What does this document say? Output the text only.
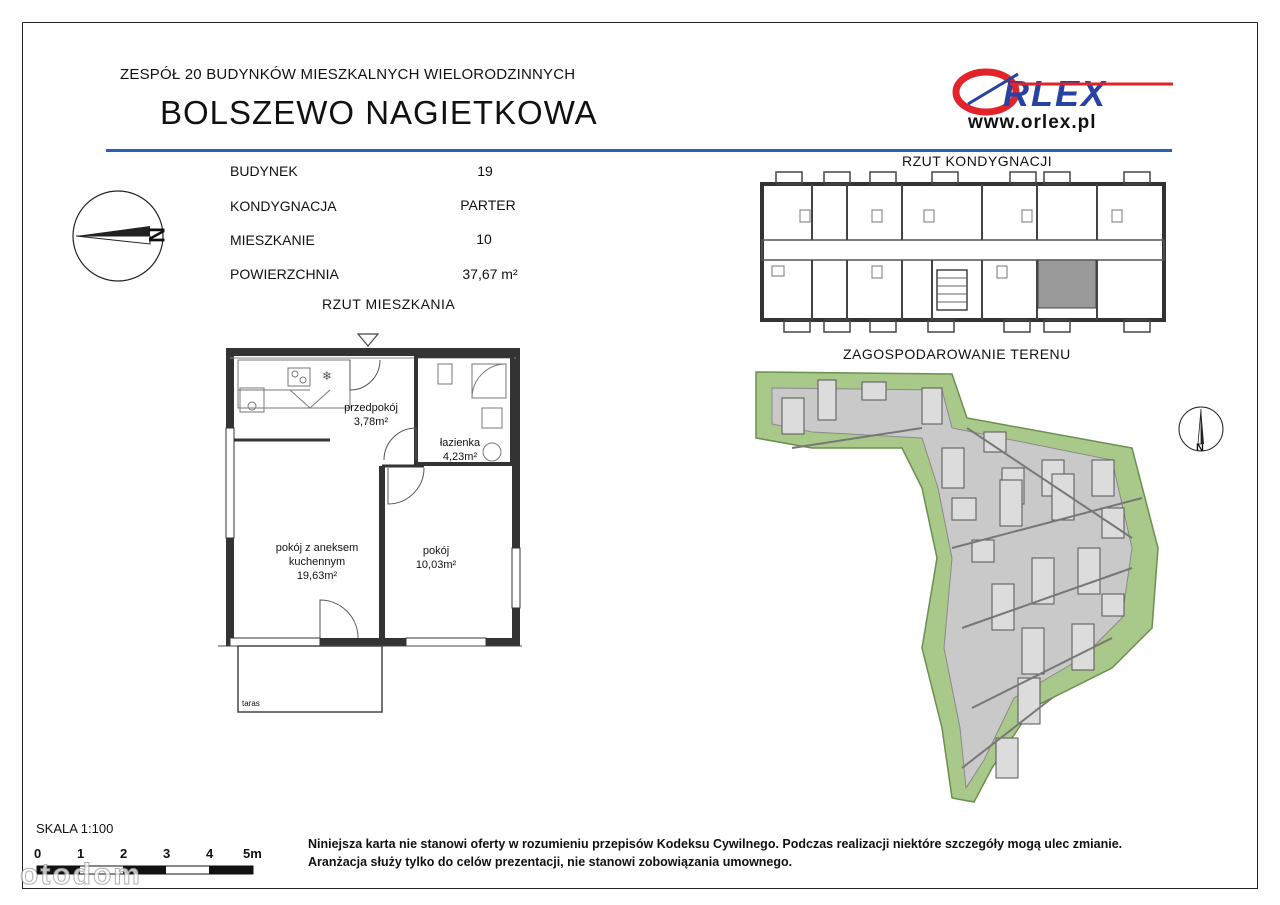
ZESPÓŁ 20 BUDYNKÓW MIESZKALNYCH WIELORODZINNYCH
BOLSZEWO NAGIETKOWA	RLEX
www.orlex.pl
N
BUDYNEK	19
KONDYGNACJA	PARTER
MIESZKANIE	10
POWIERZCHNIA	37,67 m²
RZUT MIESZKANIA
❄
przedpokój
3,78m²
łazienka
4,23m²
pokój z aneksem
kuchennym
19,63m²
pokój
10,03m²
taras
RZUT KONDYGNACJI
ZAGOSPODAROWANIE TERENU
N
SKALA 1:100
0	1	2	3	4 5m
otodom
Niniejsza karta nie stanowi oferty w rozumieniu przepisów Kodeksu Cywilnego. Podczas realizacji niektóre szczegóły mogą ulec zmianie.
Aranżacja służy tylko do celów prezentacji, nie stanowi zobowiązania umownego.
